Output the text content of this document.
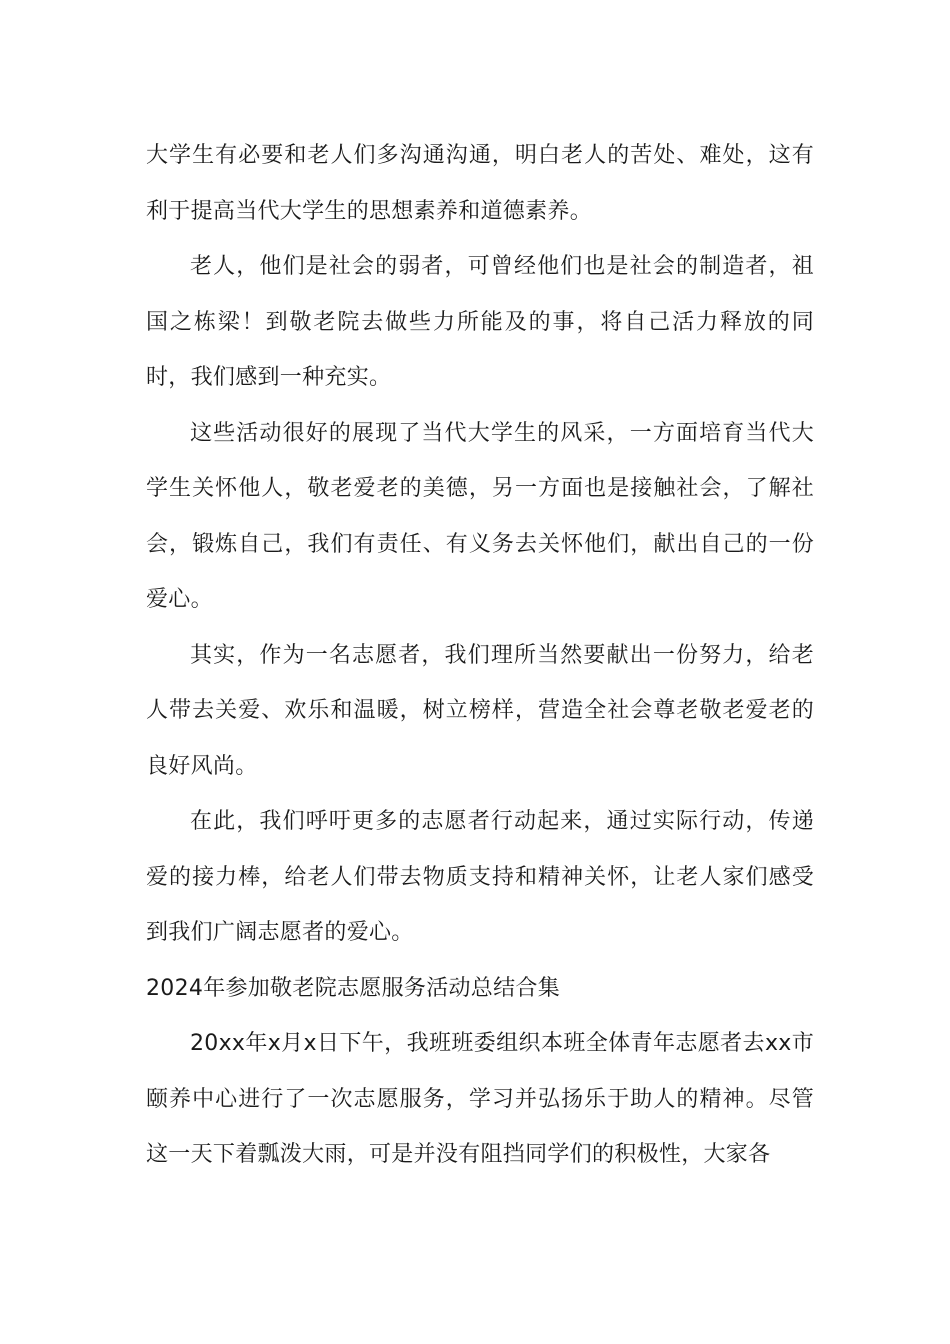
大学生有必要和老人们多沟通沟通，明白老人的苦处、难处，这有利于提高当代大学生的思想素养和道德素养。

老人，他们是社会的弱者，可曾经他们也是社会的制造者，祖国之栋梁！到敬老院去做些力所能及的事，将自己活力释放的同时，我们感到一种充实。

这些活动很好的展现了当代大学生的风采，一方面培育当代大学生关怀他人，敬老爱老的美德，另一方面也是接触社会，了解社会，锻炼自己，我们有责任、有义务去关怀他们，献出自己的一份爱心。

其实，作为一名志愿者，我们理所当然要献出一份努力，给老人带去关爱、欢乐和温暖，树立榜样，营造全社会尊老敬老爱老的良好风尚。

在此，我们呼吁更多的志愿者行动起来，通过实际行动，传递爱的接力棒，给老人们带去物质支持和精神关怀，让老人家们感受到我们广阔志愿者的爱心。

2024年参加敬老院志愿服务活动总结合集

20xx年x月x日下午，我班班委组织本班全体青年志愿者去xx市颐养中心进行了一次志愿服务，学习并弘扬乐于助人的精神。尽管这一天下着瓢泼大雨，可是并没有阻挡同学们的积极性，大家各
